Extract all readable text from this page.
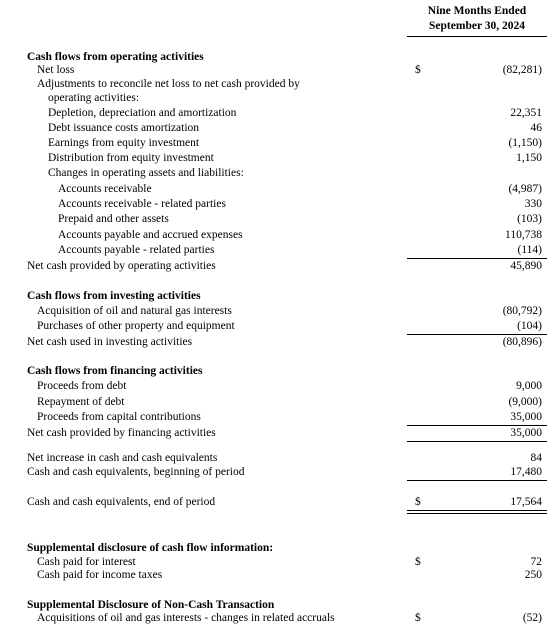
Nine Months Ended
September 30, 2024
Cash flows from operating activities
Net loss	$	(82,281)
Adjustments to reconcile net loss to net cash provided by
operating activities:
Depletion, depreciation and amortization	22,351
Debt issuance costs amortization	46
Earnings from equity investment	(1,150)
Distribution from equity investment	1,150
Changes in operating assets and liabilities:
Accounts receivable	(4,987)
Accounts receivable - related parties	330
Prepaid and other assets	(103)
Accounts payable and accrued expenses	110,738
Accounts payable - related parties	(114)
Net cash provided by operating activities	45,890
Cash flows from investing activities
Acquisition of oil and natural gas interests	(80,792)
Purchases of other property and equipment	(104)
Net cash used in investing activities	(80,896)
Cash flows from financing activities
Proceeds from debt	9,000
Repayment of debt	(9,000)
Proceeds from capital contributions	35,000
Net cash provided by financing activities	35,000
Net increase in cash and cash equivalents	84
Cash and cash equivalents, beginning of period	17,480
Cash and cash equivalents, end of period	$	17,564
Supplemental disclosure of cash flow information:
Cash paid for interest	$	72
Cash paid for income taxes	250
Supplemental Disclosure of Non-Cash Transaction
Acquisitions of oil and gas interests - changes in related accruals	$	(52)
